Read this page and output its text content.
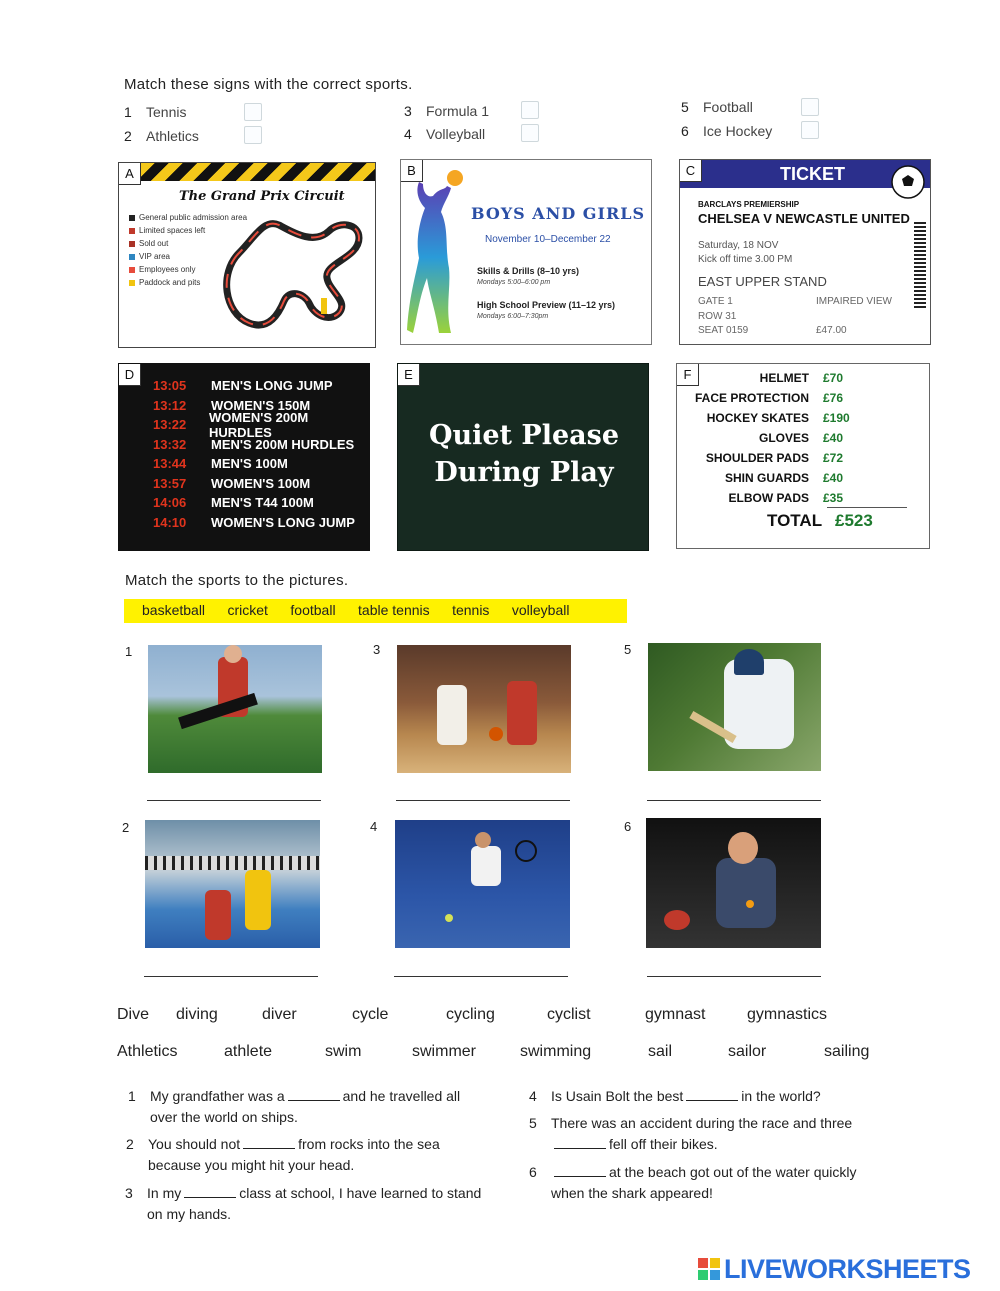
Match these signs with the correct sports.
1	Tennis
2	Athletics
3	Formula 1
4	Volleyball
5	Football
6	Ice Hockey
A
The Grand Prix Circuit
General public admission area
Limited spaces left
Sold out
VIP area
Employees only
Paddock and pits
B
BOYS AND GIRLS
November 10–December 22
Skills & Drills (8–10 yrs)
Mondays 5:00–6:00 pm
High School Preview (11–12 yrs)
Mondays 6:00–7:30pm
C	TICKET
BARCLAYS PREMIERSHIP
CHELSEA V NEWCASTLE UNITED
Saturday, 18 NOV
Kick off time 3.00 PM
EAST UPPER STAND
GATE 1	IMPAIRED VIEW
ROW 31
SEAT 0159	£47.00
D
13:05	MEN'S LONG JUMP
13:12	WOMEN'S 150M
13:22	WOMEN'S 200M HURDLES
13:32	MEN'S 200M HURDLES
13:44	MEN'S 100M
13:57	WOMEN'S 100M
14:06	MEN'S T44 100M
14:10	WOMEN'S LONG JUMP
E
Quiet Please
During Play
F	HELMET	£70
FACE PROTECTION	£76
HOCKEY SKATES	£190
GLOVES	£40
SHOULDER PADS	£72
SHIN GUARDS	£40
ELBOW PADS	£35
TOTAL £523
Match the sports to the pictures.
basketball cricket football table tennis tennis volleyball
1
2
3
4
5
6
Dive diving	diver	cycle	cycling	cyclist	gymnast	gymnastics
Athletics	athlete	swim	swimmer	swimming	sail	sailor	sailing
1 My grandfather was a	and he travelled all over the world on ships.
2 You should not	from rocks into the sea because you might hit your head.
3 In my	class at school, I have learned to stand on my hands.
4 Is Usain Bolt the best	in the world?
5 There was an accident during the race and threefell off their bikes.
6	at the beach got out of the water quickly when the shark appeared!
LIVEWORKSHEETS
